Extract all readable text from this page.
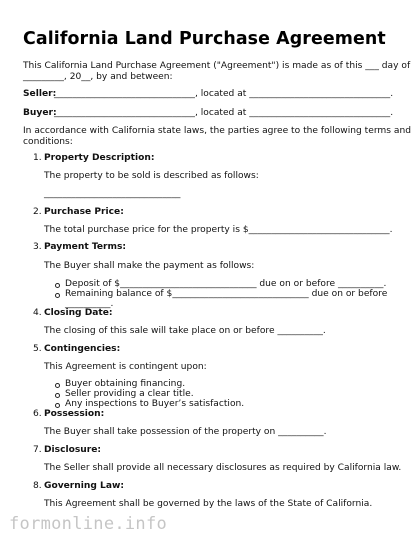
California Land Purchase Agreement

This California Land Purchase Agreement ("Agreement") is made as of this ___ day of

_________, 20__, by and between:

Seller:

_______________________________, located at _______________________________.

Buyer:

_______________________________, located at _______________________________.

In accordance with California state laws, the parties agree to the following terms and

conditions:

1. Property Description:

The property to be sold is described as follows:

______________________________

2. Purchase Price:

The total purchase price for the property is $_______________________________.

3. Payment Terms:

The Buyer shall make the payment as follows:

Deposit of $______________________________ due on or before __________.

Remaining balance of $______________________________ due on or before

__________.

4. Closing Date:

The closing of this sale will take place on or before __________.

5. Contingencies:

This Agreement is contingent upon:

Buyer obtaining financing.

Seller providing a clear title.

Any inspections to Buyer’s satisfaction.

6. Possession:

The Buyer shall take possession of the property on __________.

7. Disclosure:

The Seller shall provide all necessary disclosures as required by California law.

8. Governing Law:

This Agreement shall be governed by the laws of the State of California.

formonline.info
